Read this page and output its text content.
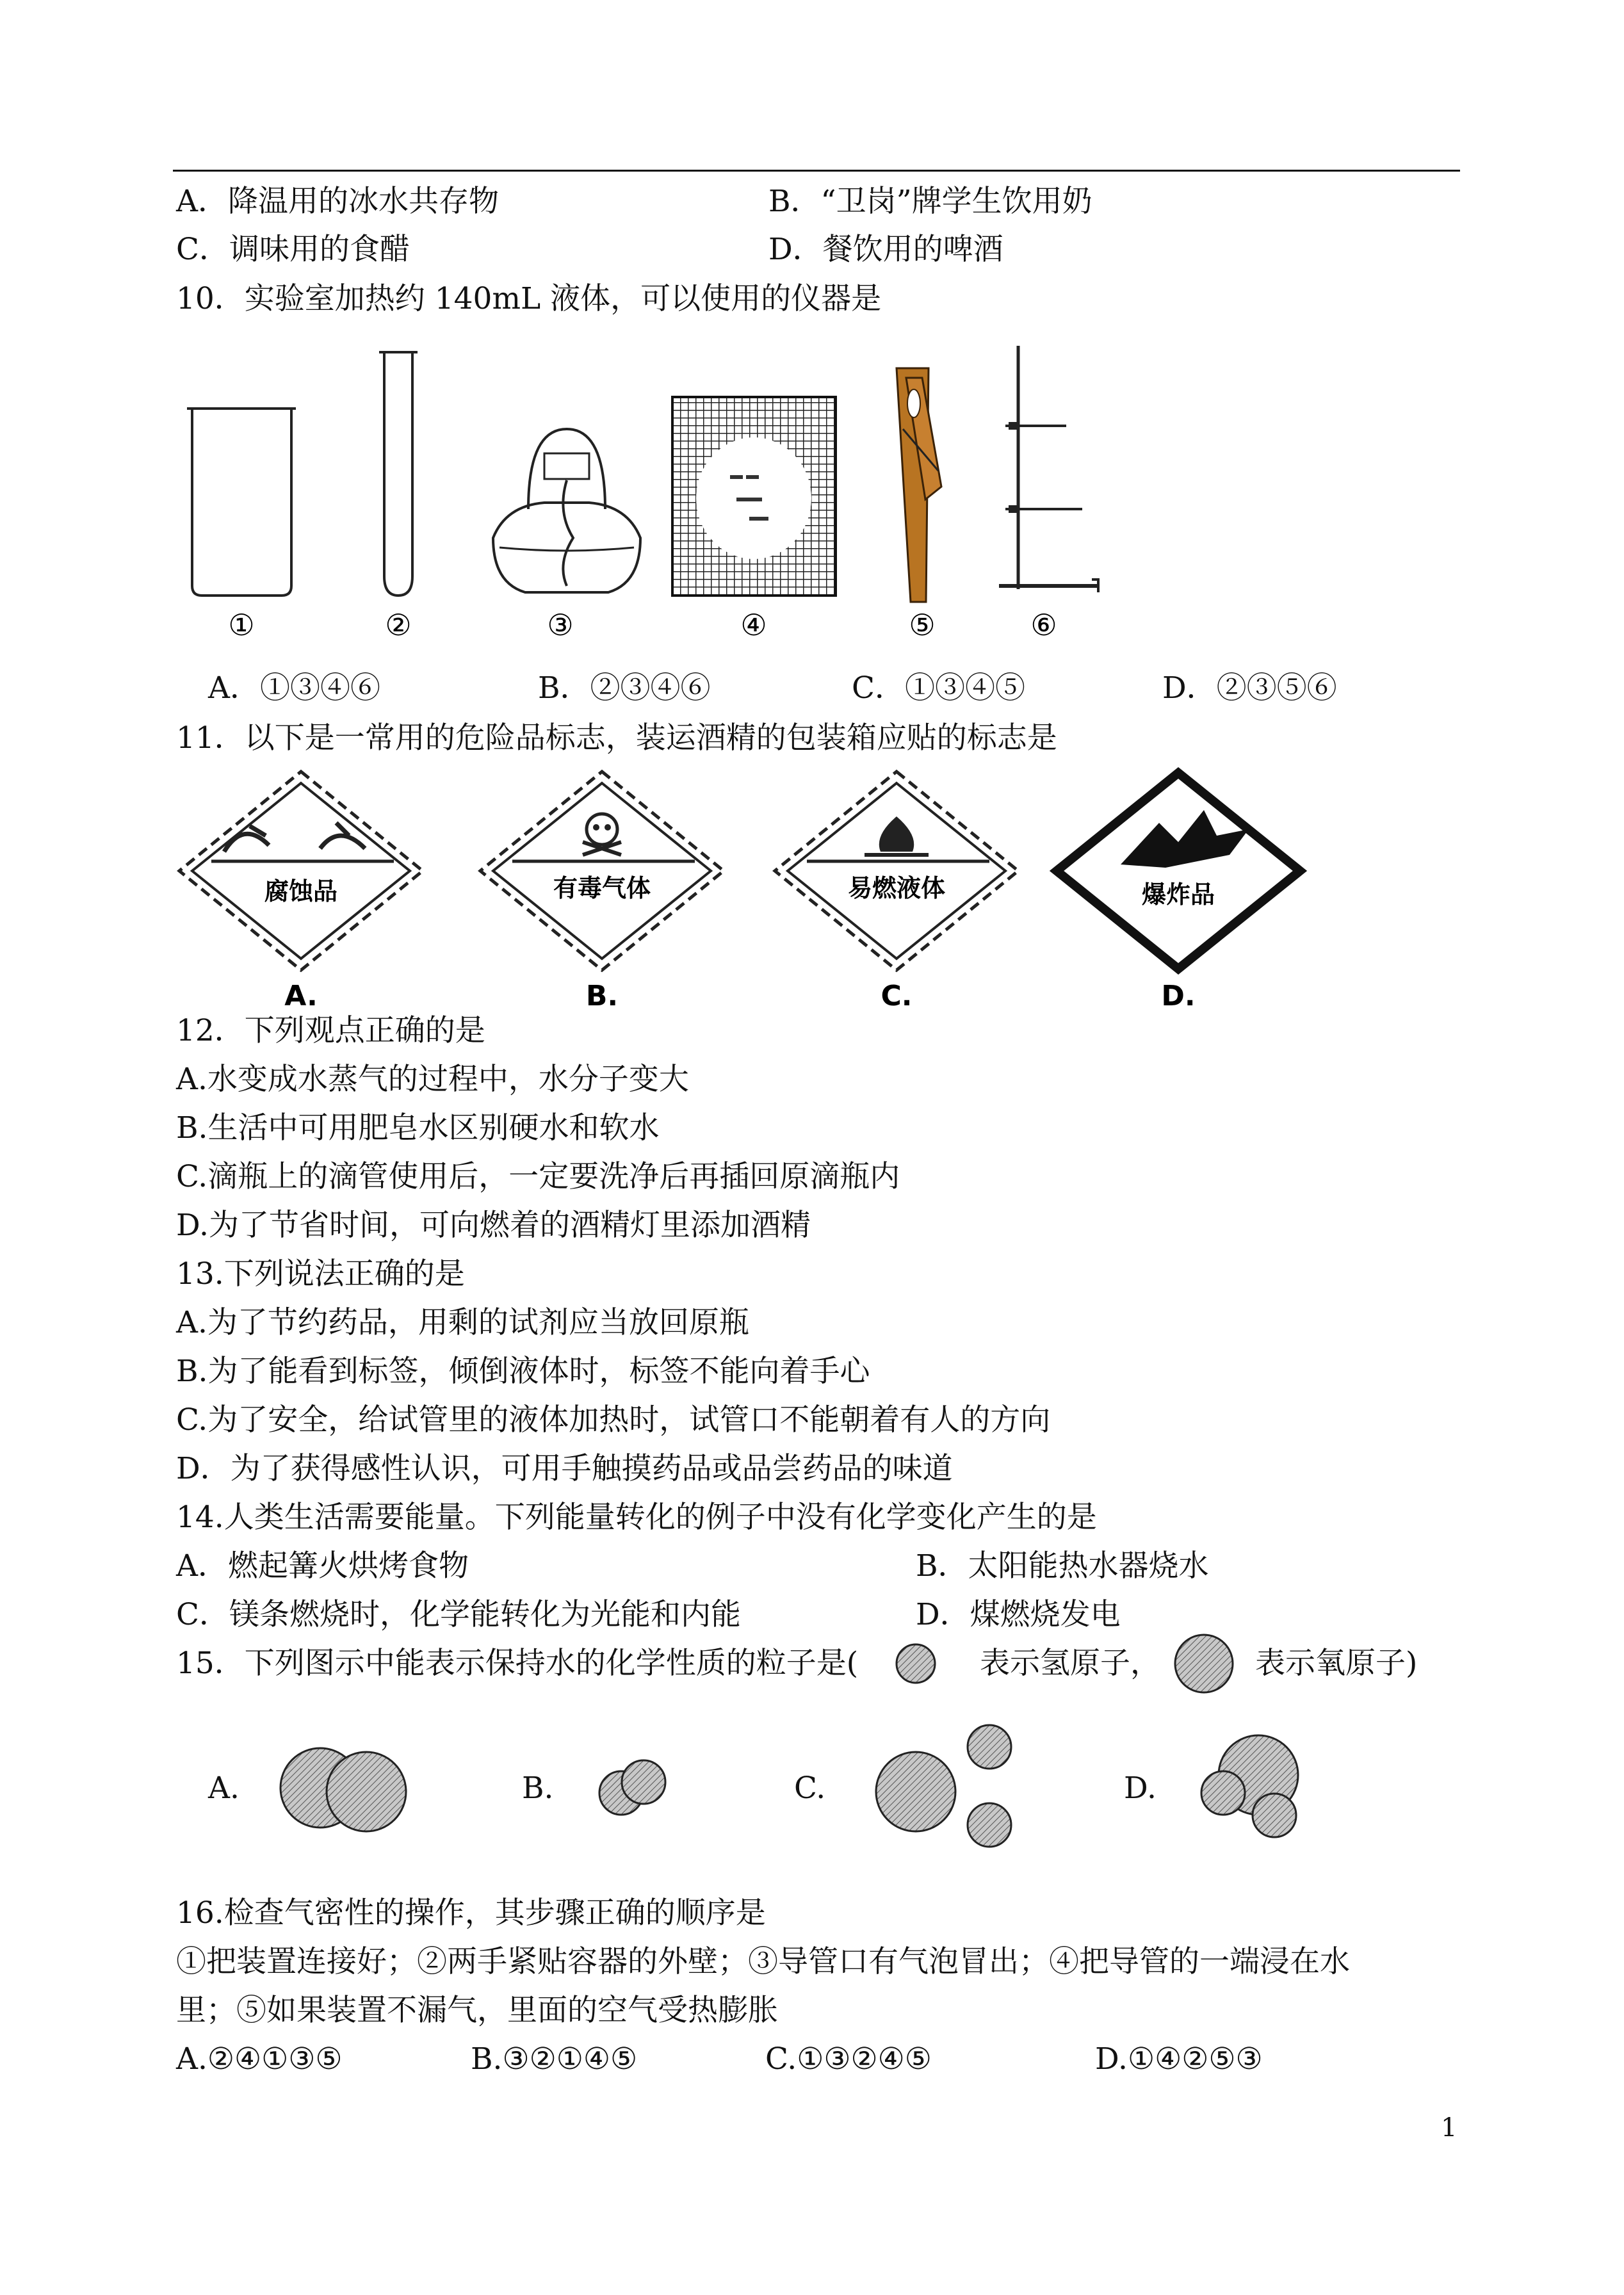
A．降温用的冰水共存物	B．“卫岗”牌学生饮用奶
C．调味用的食醋	D．餐饮用的啤酒
10．实验室加热约 140mL 液体，可以使用的仪器是
①	②	③	④	⑤	⑥
A．①③④⑥	B．②③④⑥	C．①③④⑤	D．②③⑤⑥
11．以下是一常用的危险品标志，装运酒精的包装箱应贴的标志是
腐蚀品
A.
有毒气体
B.
易燃液体
C.
爆炸品
D.
12．下列观点正确的是
A.水变成水蒸气的过程中，水分子变大
B.生活中可用肥皂水区别硬水和软水
C.滴瓶上的滴管使用后，一定要洗净后再插回原滴瓶内
D.为了节省时间，可向燃着的酒精灯里添加酒精
13.下列说法正确的是
A.为了节约药品，用剩的试剂应当放回原瓶
B.为了能看到标签，倾倒液体时，标签不能向着手心
C.为了安全，给试管里的液体加热时，试管口不能朝着有人的方向
D．为了获得感性认识，可用手触摸药品或品尝药品的味道
14.人类生活需要能量。下列能量转化的例子中没有化学变化产生的是
A．燃起篝火烘烤食物	B．太阳能热水器烧水
C．镁条燃烧时，化学能转化为光能和内能	D．煤燃烧发电
15．下列图示中能表示保持水的化学性质的粒子是(	表示氢原子，	表示氧原子)
A.	B.	C.	D.
16.检查气密性的操作，其步骤正确的顺序是
①把装置连接好；②两手紧贴容器的外壁；③导管口有气泡冒出；④把导管的一端浸在水
里；⑤如果装置不漏气，里面的空气受热膨胀
A.②④①③⑤	B.③②①④⑤	C.①③②④⑤	D.①④②⑤③
1
